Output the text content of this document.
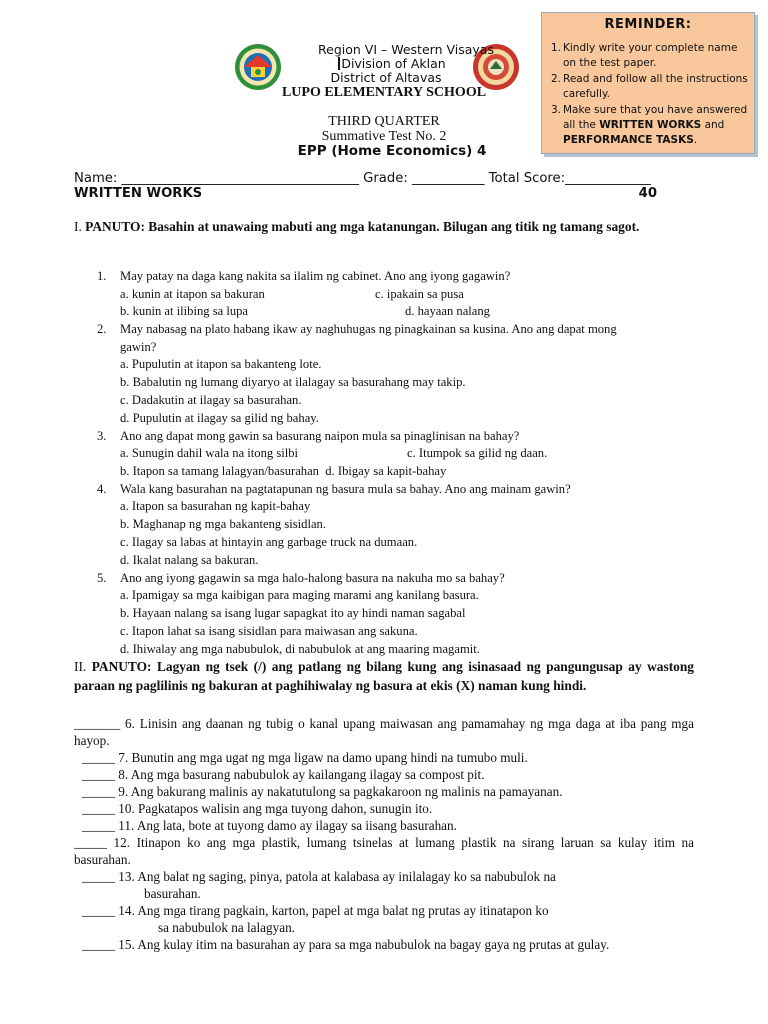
REMINDER:
1. Kindly write your complete name on the test paper.
2. Read and follow all the instructions carefully.
3. Make sure that you have answered all the WRITTEN WORKS and PERFORMANCE TASKS.
Region VI – Western Visayas
Division of Aklan
District of Altavas
LUPO ELEMENTARY SCHOOL
THIRD QUARTER
Summative Test No. 2
EPP (Home Economics) 4
Name: ____________________________________ Grade: ___________ Total Score:_____________
WRITTEN WORKS	40
I. PANUTO: Basahin at unawaing mabuti ang mga katanungan. Bilugan ang titik ng tamang sagot.
1. May patay na daga kang nakita sa ilalim ng cabinet. Ano ang iyong gagawin?
a. kunin at itapon sa bakuran	c. ipakain sa pusa
b. kunin at ilibing sa lupa	d. hayaan nalang
2. May nabasag na plato habang ikaw ay naghuhugas ng pinagkainan sa kusina. Ano ang dapat mong gawin?
a. Pupulutin at itapon sa bakanteng lote.
b. Babalutin ng lumang diyaryo at ilalagay sa basurahang may takip.
c. Dadakutin at ilagay sa basurahan.
d. Pupulutin at ilagay sa gilid ng bahay.
3. Ano ang dapat mong gawin sa basurang naipon mula sa pinaglinisan na bahay?
a. Sunugin dahil wala na itong silbi	c. Itumpok sa gilid ng daan.
b. Itapon sa tamang lalagyan/basurahan  d. Ibigay sa kapit-bahay
4. Wala kang basurahan na pagtatapunan ng basura mula sa bahay. Ano ang mainam gawin?
a. Itapon sa basurahan ng kapit-bahay
b. Maghanap ng mga bakanteng sisidlan.
c. Ilagay sa labas at hintayin ang garbage truck na dumaan.
d. Ikalat nalang sa bakuran.
5. Ano ang iyong gagawin sa mga halo-halong basura na nakuha mo sa bahay?
a. Ipamigay sa mga kaibigan para maging marami ang kanilang basura.
b. Hayaan nalang sa isang lugar sapagkat ito ay hindi naman sagabal
c. Itapon lahat sa isang sisidlan para maiwasan ang sakuna.
d. Ihiwalay ang mga nabubulok, di nabubulok at ang maaring magamit.
II. PANUTO: Lagyan ng tsek (/) ang patlang ng bilang kung ang isinasaad ng pangungusap ay wastong paraan ng paglilinis ng bakuran at paghihiwalay ng basura at ekis (X) naman kung hindi.
_______ 6. Linisin ang daanan ng tubig o kanal upang maiwasan ang pamamahay ng mga daga at iba pang mga hayop.
_____ 7. Bunutin ang mga ugat ng mga ligaw na damo upang hindi na tumubo muli.
_____ 8. Ang mga basurang nabubulok ay kailangang ilagay sa compost pit.
_____ 9. Ang bakurang malinis ay nakatutulong sa pagkakaroon ng malinis na pamayanan.
_____ 10. Pagkatapos walisin ang mga tuyong dahon, sunugin ito.
_____ 11. Ang lata, bote at tuyong damo ay ilagay sa iisang basurahan.
_____ 12. Itinapon ko ang mga plastik, lumang tsinelas at lumang plastik na sirang laruan sa kulay itim na basurahan.
_____ 13. Ang balat ng saging, pinya, patola at kalabasa ay inilalagay ko sa nabubulok na
basurahan.
_____ 14. Ang mga tirang pagkain, karton, papel at mga balat ng prutas ay itinatapon ko
sa nabubulok na lalagyan.
_____ 15. Ang kulay itim na basurahan ay para sa mga nabubulok na bagay gaya ng prutas at gulay.
